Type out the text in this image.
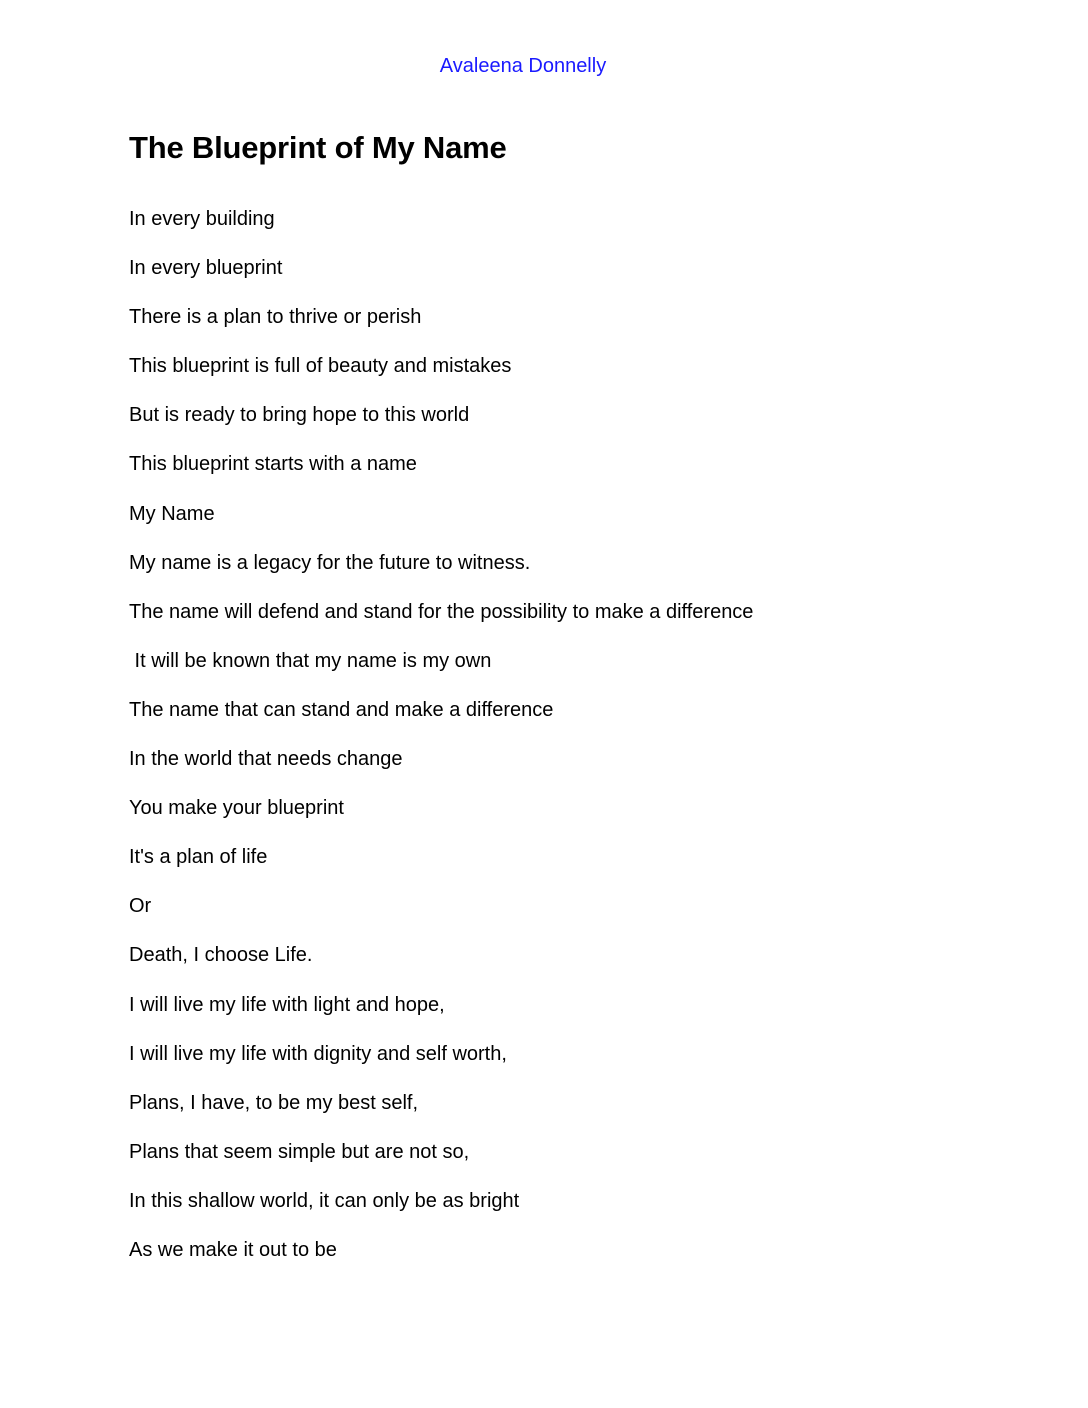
Avaleena Donnelly
The Blueprint of My Name
In every building
In every blueprint
There is a plan to thrive or perish
This blueprint is full of beauty and mistakes
But is ready to bring hope to this world
This blueprint starts with a name
My Name
My name is a legacy for the future to witness.
The name will defend and stand for the possibility to make a difference
It will be known that my name is my own
The name that can stand and make a difference
In the world that needs change
You make your blueprint
It's a plan of life
Or
Death, I choose Life.
I will live my life with light and hope,
I will live my life with dignity and self worth,
Plans, I have, to be my best self,
Plans that seem simple but are not so,
In this shallow world, it can only be as bright
As we make it out to be
